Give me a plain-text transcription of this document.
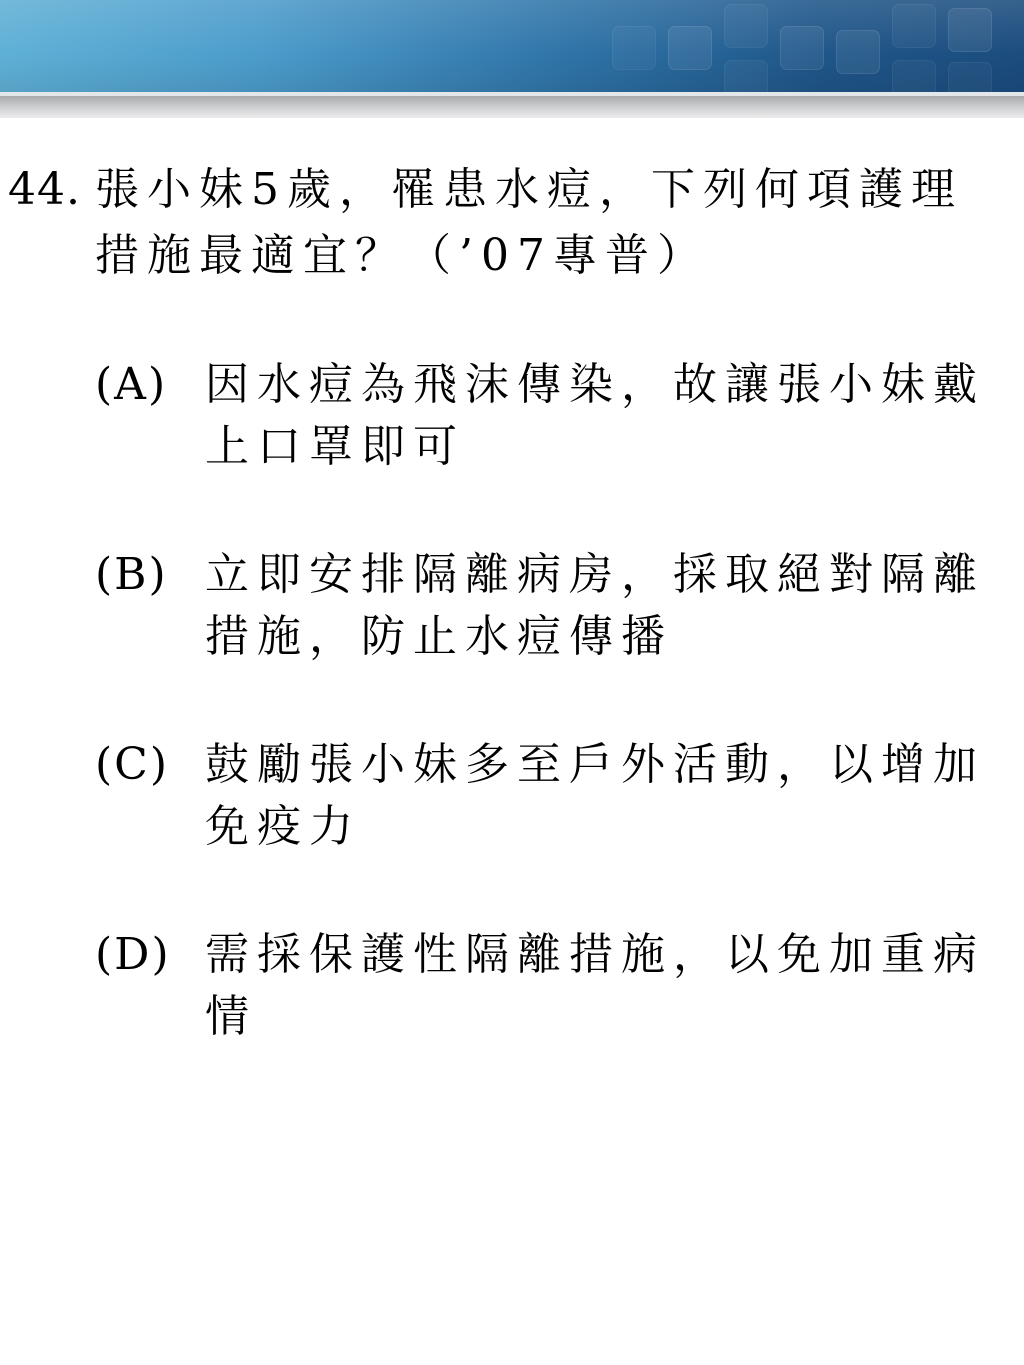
44. 張小妹5歲，罹患水痘，下列何項護理措施最適宜？（’07專普）
(A) 因水痘為飛沫傳染，故讓張小妹戴上口罩即可
(B) 立即安排隔離病房，採取絕對隔離措施，防止水痘傳播
(C) 鼓勵張小妹多至戶外活動，以增加免疫力
(D) 需採保護性隔離措施，以免加重病情
